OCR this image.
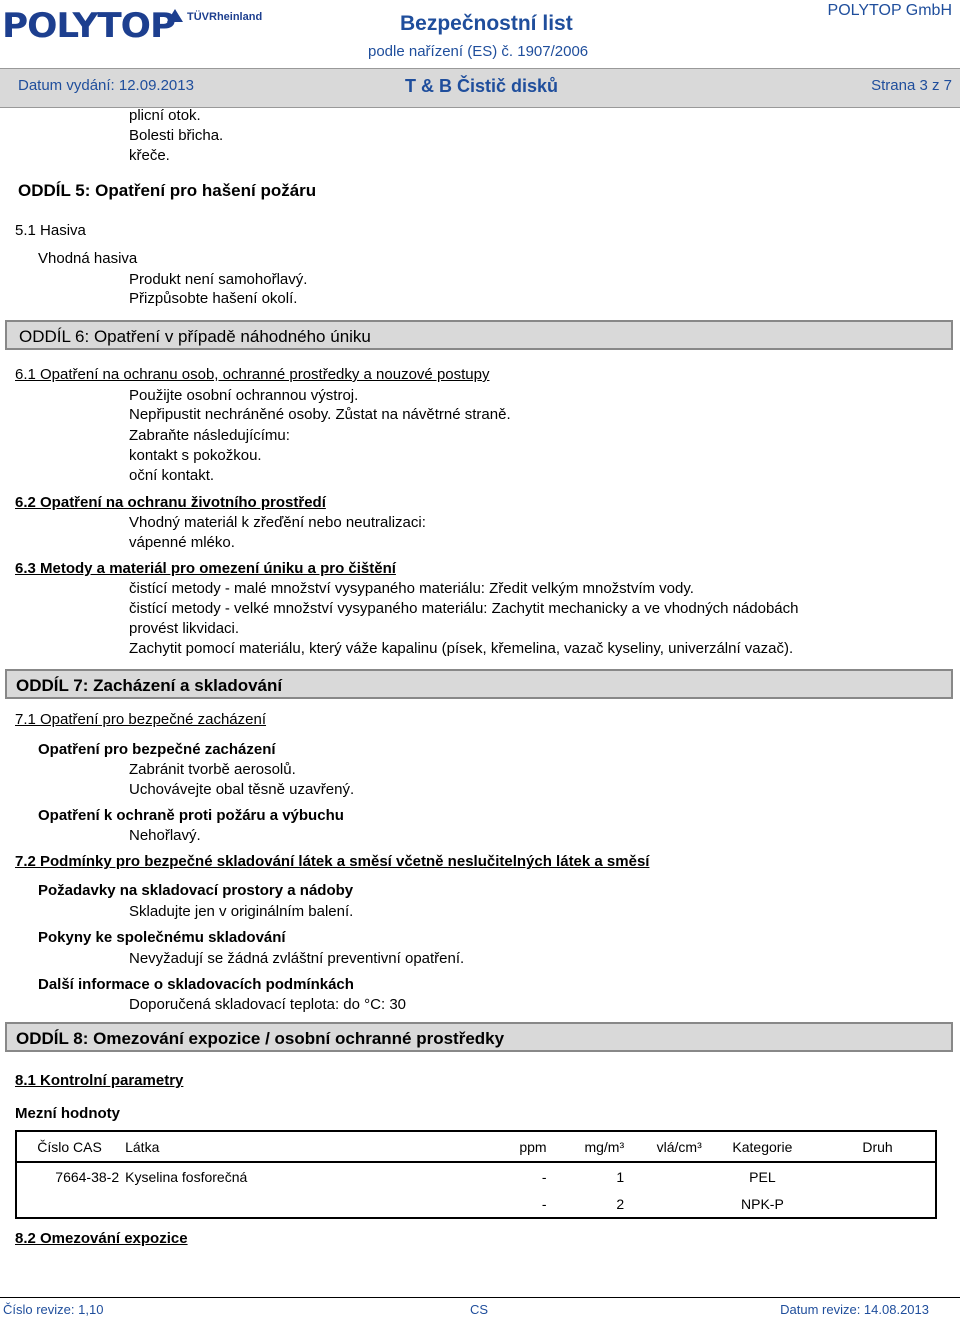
POLYTOP	TÜVRheinland	Bezpečnostní list
podle nařízení (ES) č. 1907/2006
POLYTOP GmbH
Datum vydání: 12.09.2013	T & B Čistič disků	Strana 3 z 7
plicní otok.
Bolesti břicha.
křeče.
ODDÍL 5: Opatření pro hašení požáru
5.1 Hasiva
Vhodná hasiva
Produkt není samohořlavý.
Přizpůsobte hašení okolí.
ODDÍL 6: Opatření v případě náhodného úniku
6.1 Opatření na ochranu osob, ochranné prostředky a nouzové postupy
Použijte osobní ochrannou výstroj.
Nepřipustit nechráněné osoby. Zůstat na návětrné straně.
Zabraňte následujícímu:
kontakt s pokožkou.
oční kontakt.
6.2 Opatření na ochranu životního prostředí
Vhodný materiál k zřeďění nebo neutralizaci:
vápenné mléko.
6.3 Metody a materiál pro omezení úniku a pro čištění
čistící metody - malé množství vysypaného materiálu: Zředit velkým množstvím vody.
čistící metody - velké množství vysypaného materiálu: Zachytit mechanicky a ve vhodných nádobách
provést likvidaci.
Zachytit pomocí materiálu, který váže kapalinu (písek, křemelina, vazač kyseliny, univerzální vazač).
ODDÍL 7: Zacházení a skladování
7.1 Opatření pro bezpečné zacházení
Opatření pro bezpečné zacházení
Zabránit tvorbě aerosolů.
Uchovávejte obal těsně uzavřený.
Opatření k ochraně proti požáru a výbuchu
Nehořlavý.
7.2 Podmínky pro bezpečné skladování látek a směsí včetně neslučitelných látek a směsí
Požadavky na skladovací prostory a nádoby
Skladujte jen v originálním balení.
Pokyny ke společnému skladování
Nevyžadují se žádná zvláštní preventivní opatření.
Další informace o skladovacích podmínkách
Doporučená skladovací teplota: do °C: 30
ODDÍL 8: Omezování expozice / osobní ochranné prostředky
8.1 Kontrolní parametry
Mezní hodnoty
Číslo CAS	Látka	ppm	mg/m³	vlá/cm³	Kategorie	Druh
7664-38-2	Kyselina fosforečná	-	1		PEL	
		-	2		NPK-P	
8.2 Omezování expozice
Číslo revize: 1,10	CS	Datum revize: 14.08.2013
